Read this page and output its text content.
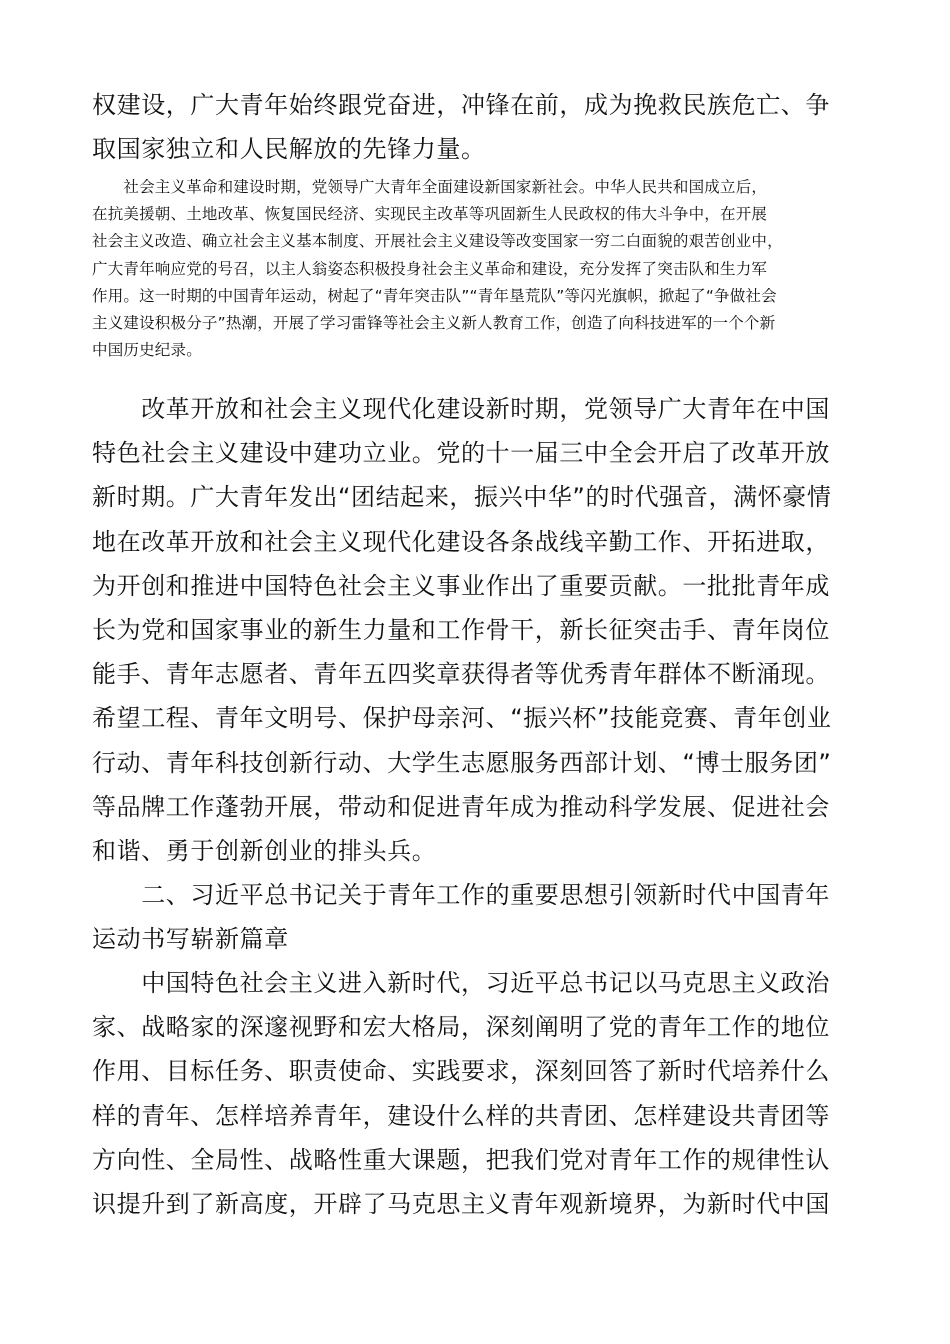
权建设，广大青年始终跟党奋进，冲锋在前，成为挽救民族危亡、争
取国家独立和人民解放的先锋力量。
　　社会主义革命和建设时期，党领导广大青年全面建设新国家新社会。中华人民共和国成立后，
在抗美援朝、土地改革、恢复国民经济、实现民主改革等巩固新生人民政权的伟大斗争中，在开展
社会主义改造、确立社会主义基本制度、开展社会主义建设等改变国家一穷二白面貌的艰苦创业中，
广大青年响应党的号召，以主人翁姿态积极投身社会主义革命和建设，充分发挥了突击队和生力军
作用。这一时期的中国青年运动，树起了“青年突击队”“青年垦荒队”等闪光旗帜，掀起了“争做社会
主义建设积极分子”热潮，开展了学习雷锋等社会主义新人教育工作，创造了向科技进军的一个个新
中国历史纪录。
　　改革开放和社会主义现代化建设新时期，党领导广大青年在中国
特色社会主义建设中建功立业。党的十一届三中全会开启了改革开放
新时期。广大青年发出“团结起来，振兴中华”的时代强音，满怀豪情
地在改革开放和社会主义现代化建设各条战线辛勤工作、开拓进取，
为开创和推进中国特色社会主义事业作出了重要贡献。一批批青年成
长为党和国家事业的新生力量和工作骨干，新长征突击手、青年岗位
能手、青年志愿者、青年五四奖章获得者等优秀青年群体不断涌现。
希望工程、青年文明号、保护母亲河、“振兴杯”技能竞赛、青年创业
行动、青年科技创新行动、大学生志愿服务西部计划、“博士服务团”
等品牌工作蓬勃开展，带动和促进青年成为推动科学发展、促进社会
和谐、勇于创新创业的排头兵。
　　二、习近平总书记关于青年工作的重要思想引领新时代中国青年
运动书写崭新篇章
　　中国特色社会主义进入新时代，习近平总书记以马克思主义政治
家、战略家的深邃视野和宏大格局，深刻阐明了党的青年工作的地位
作用、目标任务、职责使命、实践要求，深刻回答了新时代培养什么
样的青年、怎样培养青年，建设什么样的共青团、怎样建设共青团等
方向性、全局性、战略性重大课题，把我们党对青年工作的规律性认
识提升到了新高度，开辟了马克思主义青年观新境界，为新时代中国
